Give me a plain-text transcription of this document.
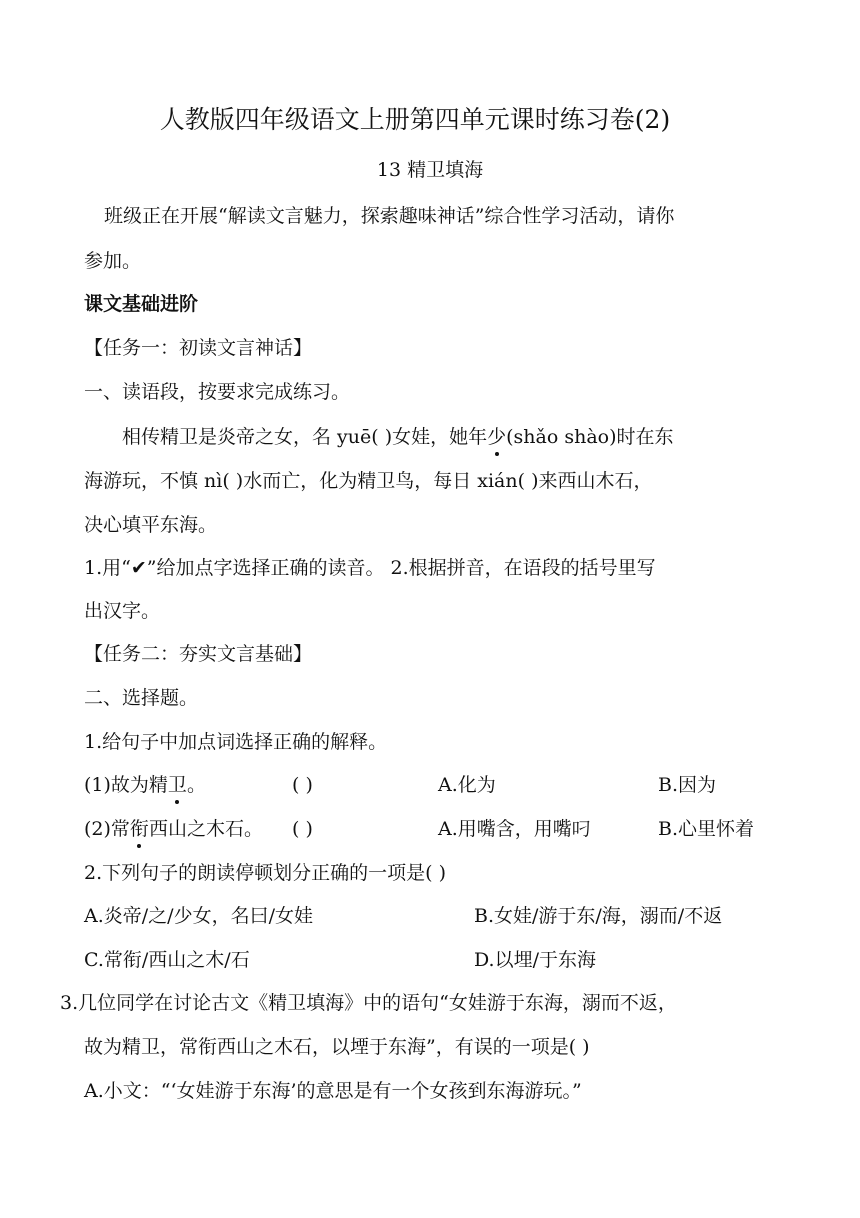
人教版四年级语文上册第四单元课时练习卷(2)
13 精卫填海
班级正在开展“解读文言魅力，探索趣味神话”综合性学习活动，请你
参加。
课文基础进阶
【任务一：初读文言神话】
一、读语段，按要求完成练习。
相传精卫是炎帝之女，名 yuē( )女娃，她年少(shǎo shào)时在东
海游玩，不慎 nì( )水而亡，化为精卫鸟，每日 xián( )来西山木石，
决心填平东海。
1.用“✔”给加点字选择正确的读音。 2.根据拼音，在语段的括号里写
出汉字。
【任务二：夯实文言基础】
二、选择题。
1.给句子中加点词选择正确的解释。
(1)故为精卫。	( )	A.化为	B.因为
(2)常衔西山之木石。 ( )	A.用嘴含，用嘴叼	B.心里怀着
2.下列句子的朗读停顿划分正确的一项是( )
A.炎帝/之/少女，名曰/女娃	B.女娃/游于东/海，溺而/不返
C.常衔/西山之木/石	D.以埋/于东海
3.几位同学在讨论古文《精卫填海》中的语句“女娃游于东海，溺而不返，
故为精卫，常衔西山之木石，以堙于东海”，有误的一项是( )
A.小文：“‘女娃游于东海’的意思是有一个女孩到东海游玩。”
